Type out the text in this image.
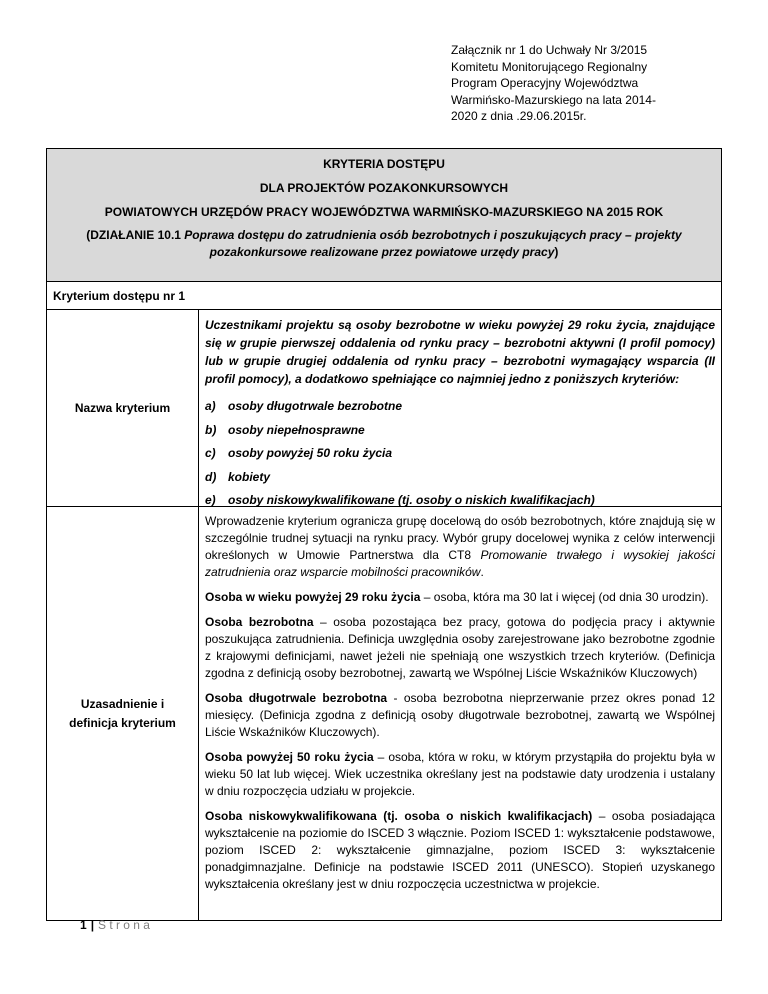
Załącznik nr 1 do Uchwały Nr 3/2015
Komitetu Monitorującego Regionalny
Program Operacyjny Województwa
Warmińsko-Mazurskiego na lata 2014-
2020 z dnia .29.06.2015r.
KRYTERIA DOSTĘPU
DLA PROJEKTÓW POZAKONKURSOWYCH
POWIATOWYCH URZĘDÓW PRACY WOJEWÓDZTWA WARMIŃSKO-MAZURSKIEGO NA 2015 ROK
(DZIAŁANIE 10.1 Poprawa dostępu do zatrudnienia osób bezrobotnych i poszukujących pracy – projekty pozakonkursowe realizowane przez powiatowe urzędy pracy)
Kryterium dostępu nr 1
Nazwa kryterium
Uczestnikami projektu są osoby bezrobotne w wieku powyżej 29 roku życia, znajdujące się w grupie pierwszej oddalenia od rynku pracy – bezrobotni aktywni (I profil pomocy) lub w grupie drugiej oddalenia od rynku pracy – bezrobotni wymagający wsparcia (II profil pomocy), a dodatkowo spełniające co najmniej jedno z poniższych kryteriów:
a) osoby długotrwale bezrobotne
b) osoby niepełnosprawne
c) osoby powyżej 50 roku życia
d) kobiety
e) osoby niskowykwalifikowane (tj. osoby o niskich kwalifikacjach)
Uzasadnienie i
definicja kryterium

Wprowadzenie kryterium ogranicza grupę docelową do osób bezrobotnych, które znajdują się w szczególnie trudnej sytuacji na rynku pracy. Wybór grupy docelowej wynika z celów interwencji określonych w Umowie Partnerstwa dla CT8 Promowanie trwałego i wysokiej jakości zatrudnienia oraz wsparcie mobilności pracowników.

Osoba w wieku powyżej 29 roku życia – osoba, która ma 30 lat i więcej (od dnia 30 urodzin).

Osoba bezrobotna – osoba pozostająca bez pracy, gotowa do podjęcia pracy i aktywnie poszukująca zatrudnienia. Definicja uwzględnia osoby zarejestrowane jako bezrobotne zgodnie z krajowymi definicjami, nawet jeżeli nie spełniają one wszystkich trzech kryteriów. (Definicja zgodna z definicją osoby bezrobotnej, zawartą we Wspólnej Liście Wskaźników Kluczowych)

Osoba długotrwale bezrobotna - osoba bezrobotna nieprzerwanie przez okres ponad 12 miesięcy. (Definicja zgodna z definicją osoby długotrwale bezrobotnej, zawartą we Wspólnej Liście Wskaźników Kluczowych).

Osoba powyżej 50 roku życia – osoba, która w roku, w którym przystąpiła do projektu była w wieku 50 lat lub więcej. Wiek uczestnika określany jest na podstawie daty urodzenia i ustalany w dniu rozpoczęcia udziału w projekcie.

Osoba niskowykwalifikowana (tj. osoba o niskich kwalifikacjach) – osoba posiadająca wykształcenie na poziomie do ISCED 3 włącznie. Poziom ISCED 1: wykształcenie podstawowe, poziom ISCED 2: wykształcenie gimnazjalne, poziom ISCED 3: wykształcenie ponadgimnazjalne. Definicje na podstawie ISCED 2011 (UNESCO). Stopień uzyskanego wykształcenia określany jest w dniu rozpoczęcia uczestnictwa w projekcie.

1 | Strona
